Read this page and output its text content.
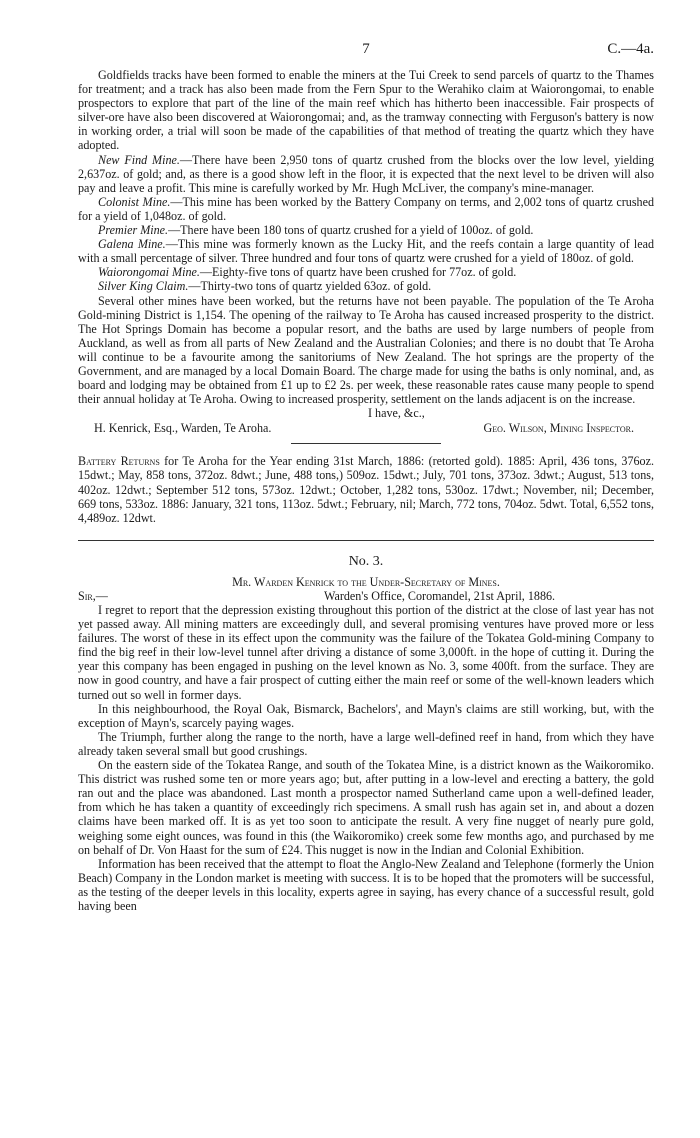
7	C.—4a.

Goldfields tracks have been formed to enable the miners at the Tui Creek to send parcels of quartz to the Thames for treatment; and a track has also been made from the Fern Spur to the Werahiko claim at Waiorongomai, to enable prospectors to explore that part of the line of the main reef which has hitherto been inaccessible. Fair prospects of silver-ore have also been discovered at Waiorongomai; and, as the tramway connecting with Ferguson's battery is now in working order, a trial will soon be made of the capabilities of that method of treating the quartz which they have adopted.

New Find Mine.—There have been 2,950 tons of quartz crushed from the blocks over the low level, yielding 2,637oz. of gold; and, as there is a good show left in the floor, it is expected that the next level to be driven will also pay and leave a profit. This mine is carefully worked by Mr. Hugh McLiver, the company's mine-manager.

Colonist Mine.—This mine has been worked by the Battery Company on terms, and 2,002 tons of quartz crushed for a yield of 1,048oz. of gold.

Premier Mine.—There have been 180 tons of quartz crushed for a yield of 100oz. of gold.

Galena Mine.—This mine was formerly known as the Lucky Hit, and the reefs contain a large quantity of lead with a small percentage of silver. Three hundred and four tons of quartz were crushed for a yield of 180oz. of gold.

Waiorongomai Mine.—Eighty-five tons of quartz have been crushed for 77oz. of gold.

Silver King Claim.—Thirty-two tons of quartz yielded 63oz. of gold.

Several other mines have been worked, but the returns have not been payable. The population of the Te Aroha Gold-mining District is 1,154. The opening of the railway to Te Aroha has caused increased prosperity to the district. The Hot Springs Domain has become a popular resort, and the baths are used by large numbers of people from Auckland, as well as from all parts of New Zealand and the Australian Colonies; and there is no doubt that Te Aroha will continue to be a favourite among the sanitoriums of New Zealand. The hot springs are the property of the Government, and are managed by a local Domain Board. The charge made for using the baths is only nominal, and, as board and lodging may be obtained from £1 up to £2 2s. per week, these reasonable rates cause many people to spend their annual holiday at Te Aroha. Owing to increased prosperity, settlement on the lands adjacent is on the increase.

I have, &c.,
H. Kenrick, Esq., Warden, Te Aroha.	Geo. Wilson, Mining Inspector.

Battery Returns for Te Aroha for the Year ending 31st March, 1886: (retorted gold). 1885: April, 436 tons, 376oz. 15dwt.; May, 858 tons, 372oz. 8dwt.; June, 488 tons,) 509oz. 15dwt.; July, 701 tons, 373oz. 3dwt.; August, 513 tons, 402oz. 12dwt.; September 512 tons, 573oz. 12dwt.; October, 1,282 tons, 530oz. 17dwt.; November, nil; December, 669 tons, 533oz. 1886: January, 321 tons, 113oz. 5dwt.; February, nil; March, 772 tons, 704oz. 5dwt. Total, 6,552 tons, 4,489oz. 12dwt.

No. 3.
Mr. Warden Kenrick to the Under-Secretary of Mines.
Sir,—	Warden's Office, Coromandel, 21st April, 1886.

I regret to report that the depression existing throughout this portion of the district at the close of last year has not yet passed away. All mining matters are exceedingly dull, and several promising ventures have proved more or less failures. The worst of these in its effect upon the community was the failure of the Tokatea Gold-mining Company to find the big reef in their low-level tunnel after driving a distance of some 3,000ft. in the hope of cutting it. During the year this company has been engaged in pushing on the level known as No. 3, some 400ft. from the surface. They are now in good country, and have a fair prospect of cutting either the main reef or some of the well-known leaders which turned out so well in former days.

In this neighbourhood, the Royal Oak, Bismarck, Bachelors', and Mayn's claims are still working, but, with the exception of Mayn's, scarcely paying wages.

The Triumph, further along the range to the north, have a large well-defined reef in hand, from which they have already taken several small but good crushings.

On the eastern side of the Tokatea Range, and south of the Tokatea Mine, is a district known as the Waikoromiko. This district was rushed some ten or more years ago; but, after putting in a low-level and erecting a battery, the gold ran out and the place was abandoned. Last month a prospector named Sutherland came upon a well-defined leader, from which he has taken a quantity of exceedingly rich specimens. A small rush has again set in, and about a dozen claims have been marked off. It is as yet too soon to anticipate the result. A very fine nugget of nearly pure gold, weighing some eight ounces, was found in this (the Waikoromiko) creek some few months ago, and purchased by me on behalf of Dr. Von Haast for the sum of £24. This nugget is now in the Indian and Colonial Exhibition.

Information has been received that the attempt to float the Anglo-New Zealand and Telephone (formerly the Union Beach) Company in the London market is meeting with success. It is to be hoped that the promoters will be successful, as the testing of the deeper levels in this locality, experts agree in saying, has every chance of a successful result, gold having been
